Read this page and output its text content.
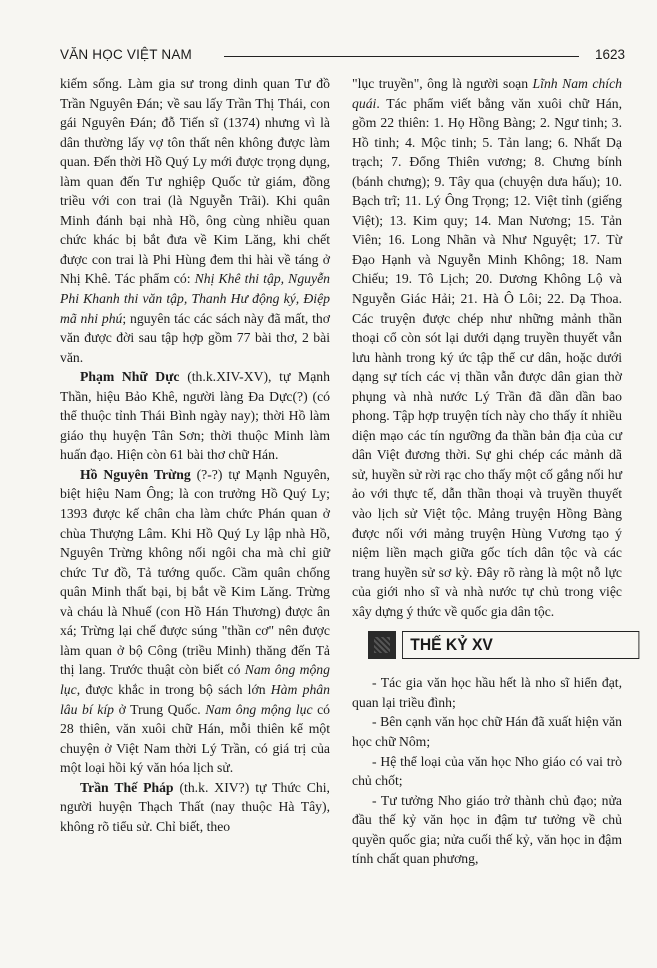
VĂN HỌC VIỆT NAM	1623

kiếm sống. Làm gia sư trong dinh quan Tư đồ Trần Nguyên Đán; về sau lấy Trần Thị Thái, con gái Nguyên Đán; đỗ Tiến sĩ (1374) nhưng vì là dân thường lấy vợ tôn thất nên không được làm quan. Đến thời Hồ Quý Ly mới được trọng dụng, làm quan đến Tư nghiệp Quốc tử giám, đồng triều với con trai (là Nguyễn Trãi). Khi quân Minh đánh bại nhà Hồ, ông cùng nhiều quan chức khác bị bắt đưa về Kim Lăng, khi chết được con trai là Phi Hùng đem thi hài về táng ở Nhị Khê. Tác phẩm có: Nhị Khê thi tập, Nguyễn Phi Khanh thi văn tập, Thanh Hư động ký, Điệp mã nhi phú; nguyên tác các sách này đã mất, thơ văn được đời sau tập hợp gồm 77 bài thơ, 2 bài văn.

Phạm Nhữ Dực (th.k.XIV-XV), tự Mạnh Thần, hiệu Bảo Khê, người làng Đa Dực(?) (có thể thuộc tỉnh Thái Bình ngày nay); thời Hồ làm giáo thụ huyện Tân Sơn; thời thuộc Minh làm huấn đạo. Hiện còn 61 bài thơ chữ Hán.

Hồ Nguyên Trừng (?-?) tự Mạnh Nguyên, biệt hiệu Nam Ông; là con trưởng Hồ Quý Ly; 1393 được kế chân cha làm chức Phán quan ở chùa Thượng Lâm. Khi Hồ Quý Ly lập nhà Hồ, Nguyên Trừng không nối ngôi cha mà chỉ giữ chức Tư đồ, Tả tướng quốc. Cầm quân chống quân Minh thất bại, bị bắt về Kim Lăng. Trừng và cháu là Nhuế (con Hồ Hán Thương) được ân xá; Trừng lại chế được súng "thần cơ" nên được làm quan ở bộ Công (triều Minh) thăng đến Tả thị lang. Trước thuật còn biết có Nam ông mộng lục, được khắc in trong bộ sách lớn Hàm phân lâu bí kíp ở Trung Quốc. Nam ông mộng lục có 28 thiên, văn xuôi chữ Hán, mỗi thiên kể một chuyện ở Việt Nam thời Lý Trần, có giá trị của một loại hồi ký văn hóa lịch sử.

Trần Thế Pháp (th.k. XIV?) tự Thức Chi, người huyện Thạch Thất (nay thuộc Hà Tây), không rõ tiểu sử. Chỉ biết, theo

"lục truyền", ông là người soạn Lĩnh Nam chích quái. Tác phẩm viết bằng văn xuôi chữ Hán, gồm 22 thiên: 1. Họ Hồng Bàng; 2. Ngư tinh; 3. Hồ tinh; 4. Mộc tinh; 5. Tản lang; 6. Nhất Dạ trạch; 7. Đổng Thiên vương; 8. Chưng bính (bánh chưng); 9. Tây qua (chuyện dưa hấu); 10. Bạch trĩ; 11. Lý Ông Trọng; 12. Việt tỉnh (giếng Việt); 13. Kim quy; 14. Man Nương; 15. Tản Viên; 16. Long Nhãn và Như Nguyệt; 17. Từ Đạo Hạnh và Nguyễn Minh Không; 18. Nam Chiếu; 19. Tô Lịch; 20. Dương Không Lộ và Nguyễn Giác Hải; 21. Hà Ô Lôi; 22. Dạ Thoa. Các truyện được chép như những mảnh thần thoại cổ còn sót lại dưới dạng truyền thuyết vẫn lưu hành trong ký ức tập thể cư dân, hoặc dưới dạng sự tích các vị thần vẫn được dân gian thờ phụng và nhà nước Lý Trần đã dần dần bao phong. Tập hợp truyện tích này cho thấy ít nhiều diện mạo các tín ngưỡng đa thần bản địa của cư dân Việt đương thời. Sự ghi chép các mảnh dã sử, huyền sử rời rạc cho thấy một cố gắng nối hư ảo với thực tế, dẫn thần thoại và truyền thuyết vào lịch sử Việt tộc. Mảng truyện Hồng Bàng được nối với mảng truyện Hùng Vương tạo ý niệm liền mạch giữa gốc tích dân tộc và các trang huyền sử sơ kỳ. Đây rõ ràng là một nỗ lực của giới nho sĩ và nhà nước tự chủ trong việc xây dựng ý thức về quốc gia dân tộc.

THẾ KỶ XV

- Tác gia văn học hầu hết là nho sĩ hiển đạt, quan lại triều đình;

- Bên cạnh văn học chữ Hán đã xuất hiện văn học chữ Nôm;

- Hệ thể loại của văn học Nho giáo có vai trò chủ chốt;

- Tư tưởng Nho giáo trở thành chủ đạo; nửa đầu thế kỷ văn học in đậm tư tưởng về chủ quyền quốc gia; nửa cuối thế kỷ, văn học in đậm tính chất quan phương,
